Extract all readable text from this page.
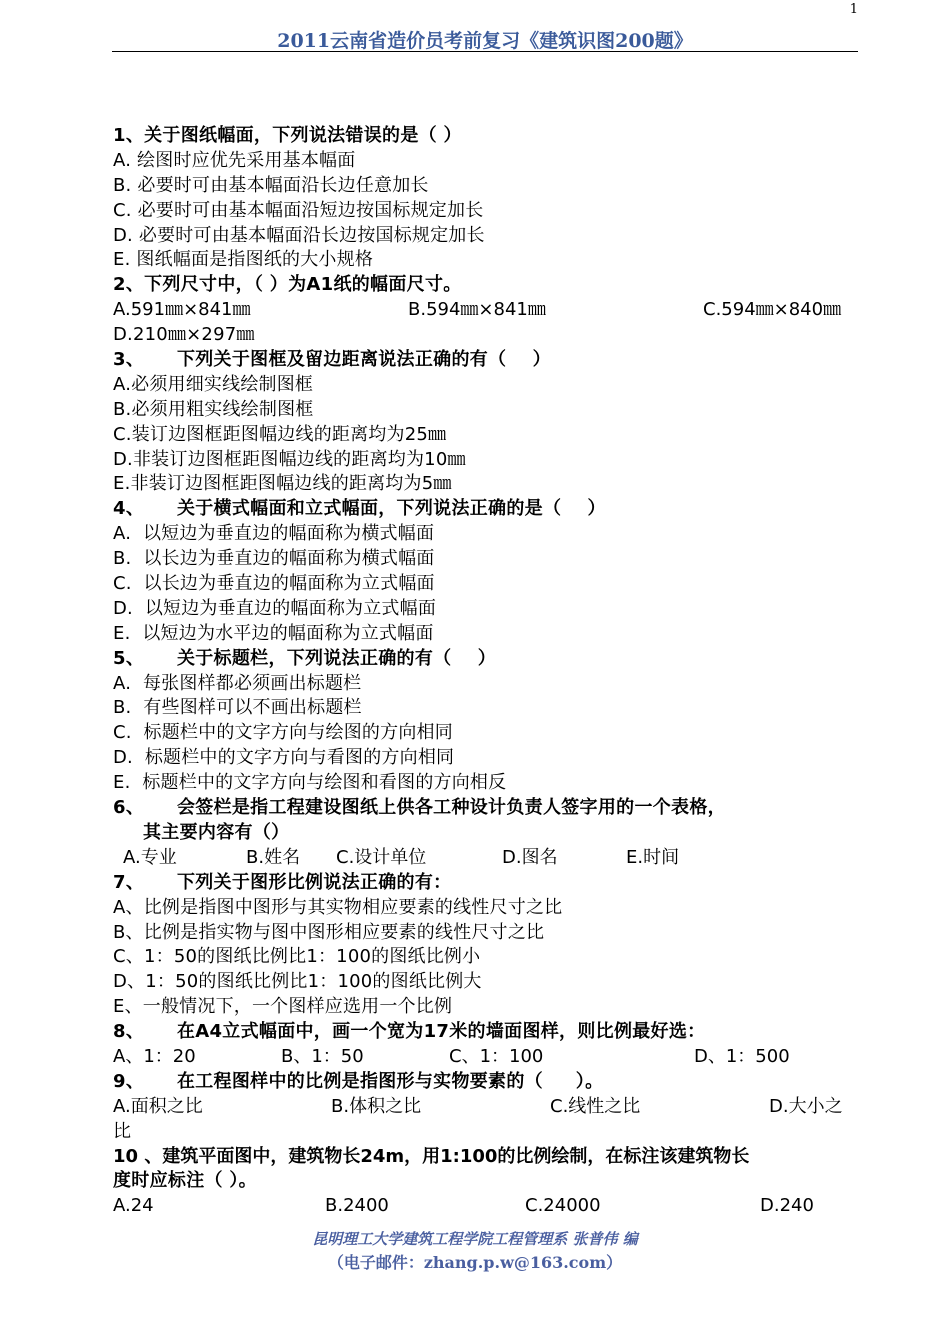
1
2011云南省造价员考前复习《建筑识图200题》
1、关于图纸幅面，下列说法错误的是（ ）
A. 绘图时应优先采用基本幅面
B. 必要时可由基本幅面沿长边任意加长
C. 必要时可由基本幅面沿短边按国标规定加长
D. 必要时可由基本幅面沿长边按国标规定加长
E. 图纸幅面是指图纸的大小规格
2、下列尺寸中，（ ）为A1纸的幅面尺寸。
A.591㎜×841㎜	B.594㎜×841㎜	C.594㎜×840㎜
D.210㎜×297㎜
3、     下列关于图框及留边距离说法正确的有（    ）
A.必须用细实线绘制图框
B.必须用粗实线绘制图框
C.装订边图框距图幅边线的距离均为25㎜
D.非装订边图框距图幅边线的距离均为10㎜
E.非装订边图框距图幅边线的距离均为5㎜
4、     关于横式幅面和立式幅面，下列说法正确的是（    ）
A.  以短边为垂直边的幅面称为横式幅面
B.  以长边为垂直边的幅面称为横式幅面
C.  以长边为垂直边的幅面称为立式幅面
D.  以短边为垂直边的幅面称为立式幅面
E.  以短边为水平边的幅面称为立式幅面
5、     关于标题栏，下列说法正确的有（    ）
A.  每张图样都必须画出标题栏
B.  有些图样可以不画出标题栏
C.  标题栏中的文字方向与绘图的方向相同
D.  标题栏中的文字方向与看图的方向相同
E.  标题栏中的文字方向与绘图和看图的方向相反
6、     会签栏是指工程建设图纸上供各工种设计负责人签字用的一个表格，
其主要内容有（）
A.专业	B.姓名	C.设计单位	D.图名	E.时间
7、     下列关于图形比例说法正确的有：
A、比例是指图中图形与其实物相应要素的线性尺寸之比
B、比例是指实物与图中图形相应要素的线性尺寸之比
C、1：50的图纸比例比1：100的图纸比例小
D、1：50的图纸比例比1：100的图纸比例大
E、一般情况下，一个图样应选用一个比例
8、     在A4立式幅面中，画一个宽为17米的墙面图样，则比例最好选：
A、1：20	B、1：50	C、1：100	D、1：500
9、     在工程图样中的比例是指图形与实物要素的（     ）。
A.面积之比	B.体积之比	C.线性之比	D.大小之
比
10 、建筑平面图中，建筑物长24m，用1:100的比例绘制，在标注该建筑物长
度时应标注（ ）。
A.24	B.2400	C.24000	D.240
昆明理工大学建筑工程学院工程管理系 张普伟 编
（电子邮件：zhang.p.w@163.com）
